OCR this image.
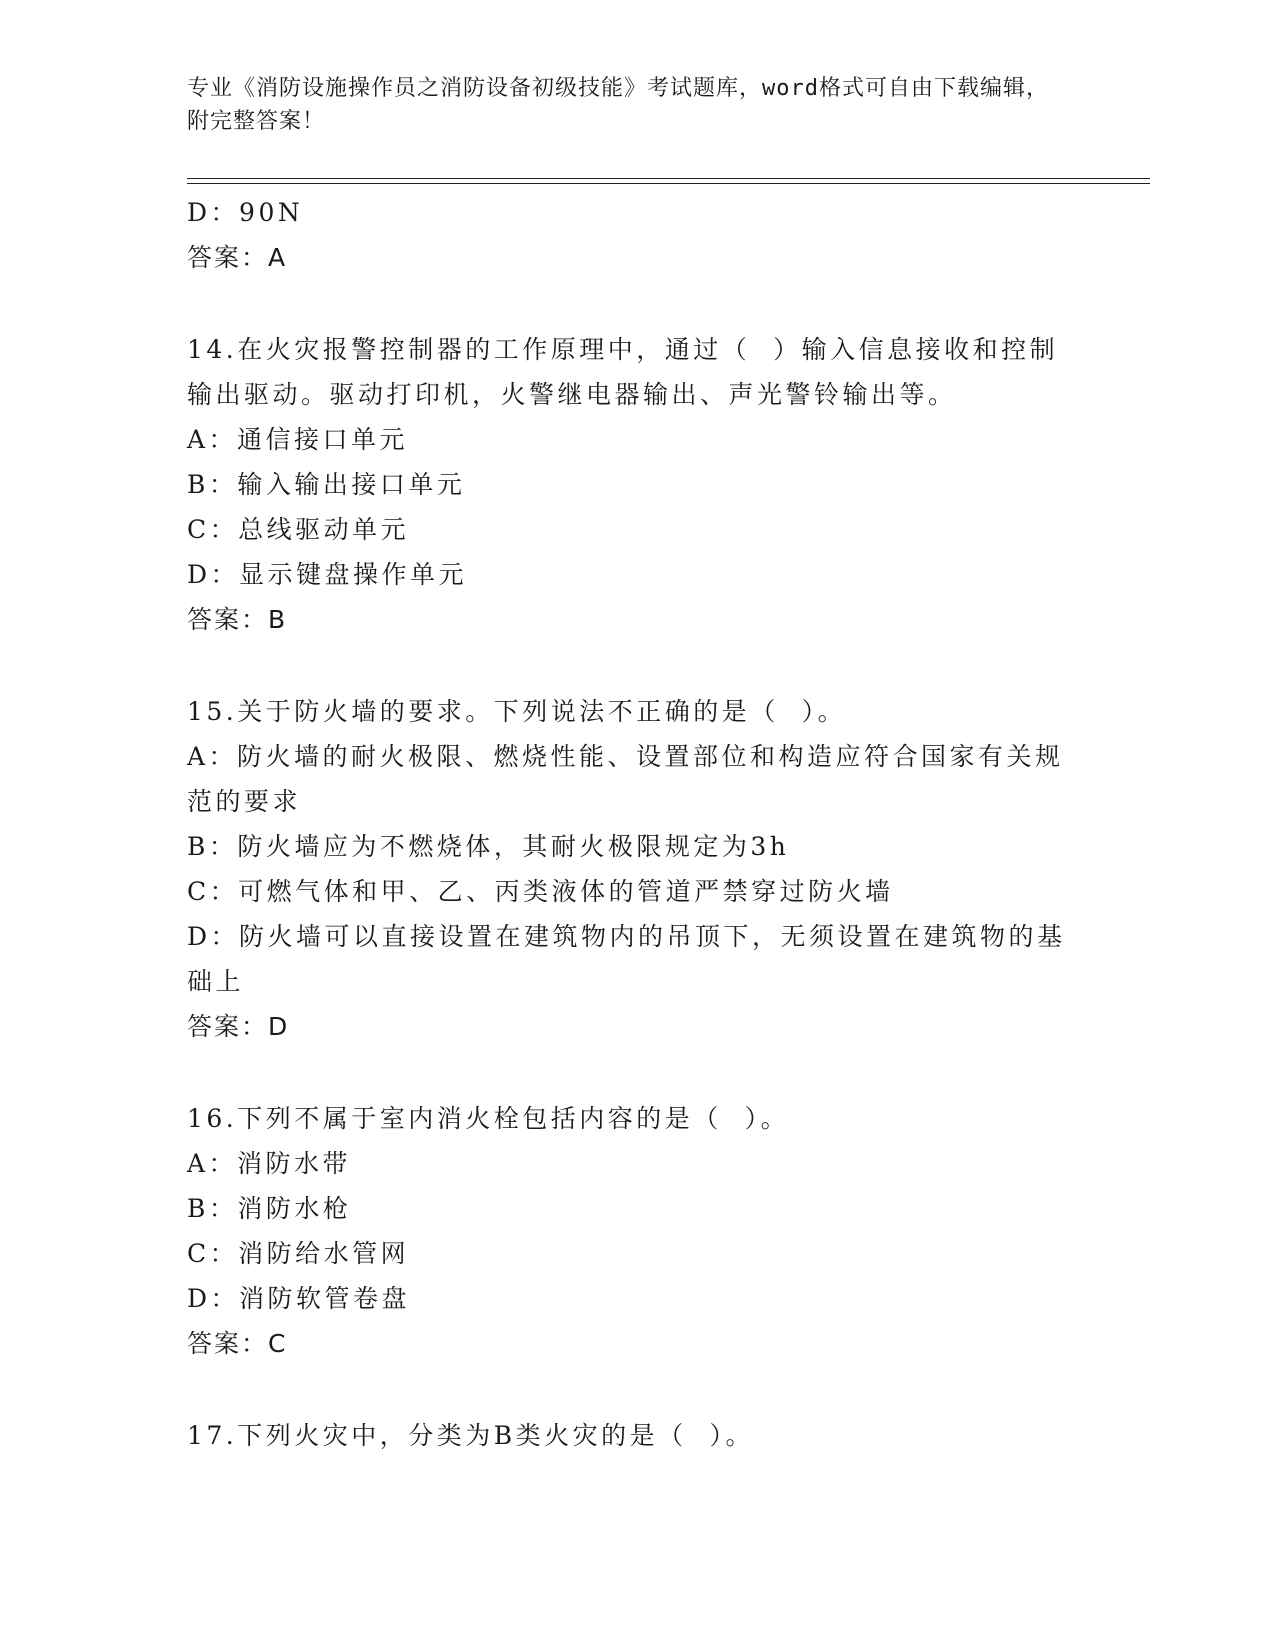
专业《消防设施操作员之消防设备初级技能》考试题库，word格式可自由下载编辑，附完整答案！

D：90N

答案：A

14.在火灾报警控制器的工作原理中，通过（  ）输入信息接收和控制输出驱动。驱动打印机，火警继电器输出、声光警铃输出等。

A：通信接口单元

B：输入输出接口单元

C：总线驱动单元

D：显示键盘操作单元

答案：B

15.关于防火墙的要求。下列说法不正确的是（  ）。

A：防火墙的耐火极限、燃烧性能、设置部位和构造应符合国家有关规范的要求

B：防火墙应为不燃烧体，其耐火极限规定为3h

C：可燃气体和甲、乙、丙类液体的管道严禁穿过防火墙

D：防火墙可以直接设置在建筑物内的吊顶下，无须设置在建筑物的基础上

答案：D

16.下列不属于室内消火栓包括内容的是（  ）。

A：消防水带

B：消防水枪

C：消防给水管网

D：消防软管卷盘

答案：C

17.下列火灾中，分类为B类火灾的是（  ）。
